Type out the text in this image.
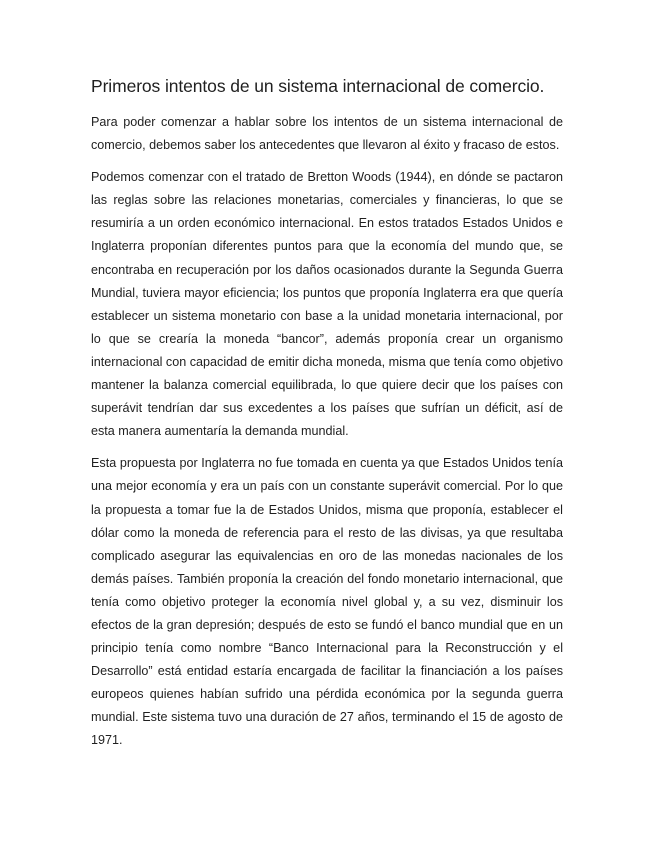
Primeros intentos de un sistema internacional de comercio.

Para poder comenzar a hablar sobre los intentos de un sistema internacional de comercio, debemos saber los antecedentes que llevaron al éxito y fracaso de estos.

Podemos comenzar con el tratado de Bretton Woods (1944), en dónde se pactaron las reglas sobre las relaciones monetarias, comerciales y financieras, lo que se resumiría a un orden económico internacional. En estos tratados Estados Unidos e Inglaterra proponían diferentes puntos para que la economía del mundo que, se encontraba en recuperación por los daños ocasionados durante la Segunda Guerra Mundial, tuviera mayor eficiencia; los puntos que proponía Inglaterra era que quería establecer un sistema monetario con base a la unidad monetaria internacional, por lo que se crearía la moneda “bancor”, además proponía crear un organismo internacional con capacidad de emitir dicha moneda, misma que tenía como objetivo mantener la balanza comercial equilibrada, lo que quiere decir que los países con superávit tendrían dar sus excedentes a los países que sufrían un déficit, así de esta manera aumentaría la demanda mundial.

Esta propuesta por Inglaterra no fue tomada en cuenta ya que Estados Unidos tenía una mejor economía y era un país con un constante superávit comercial. Por lo que la propuesta a tomar fue la de Estados Unidos, misma que proponía, establecer el dólar como la moneda de referencia para el resto de las divisas, ya que resultaba complicado asegurar las equivalencias en oro de las monedas nacionales de los demás países. También proponía la creación del fondo monetario internacional, que tenía como objetivo proteger la economía nivel global y, a su vez, disminuir los efectos de la gran depresión; después de esto se fundó el banco mundial que en un principio tenía como nombre “Banco Internacional para la Reconstrucción y el Desarrollo” está entidad estaría encargada de facilitar la financiación a los países europeos quienes habían sufrido una pérdida económica por la segunda guerra mundial. Este sistema tuvo una duración de 27 años, terminando el 15 de agosto de 1971.
